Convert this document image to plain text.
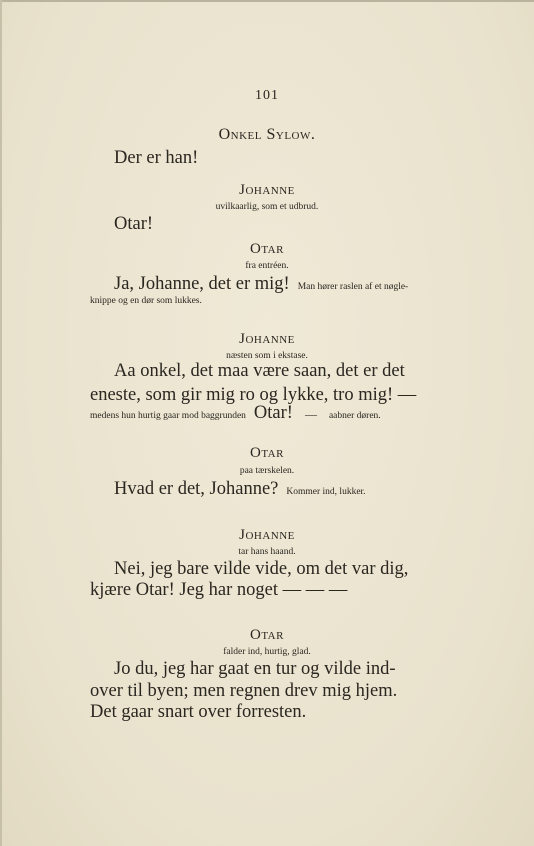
101
Onkel Sylow.
Der er han!
Johanne
uvilkaarlig, som et udbrud.
Otar!
Otar
fra entréen.
Ja, Johanne, det er mig! Man hører raslen af et nøgle-
knippe og en dør som lukkes.
Johanne
næsten som i ekstase.
Aa onkel, det maa være saan, det er det
eneste, som gir mig ro og lykke, tro mig! —
medens hun hurtig gaar mod baggrunden Otar! — aabner døren.
Otar
paa tærskelen.
Hvad er det, Johanne? Kommer ind, lukker.
Johanne
tar hans haand.
Nei, jeg bare vilde vide, om det var dig,
kjære Otar! Jeg har noget — — —
Otar
falder ind, hurtig, glad.
Jo du, jeg har gaat en tur og vilde ind-
over til byen; men regnen drev mig hjem.
Det gaar snart over forresten.
